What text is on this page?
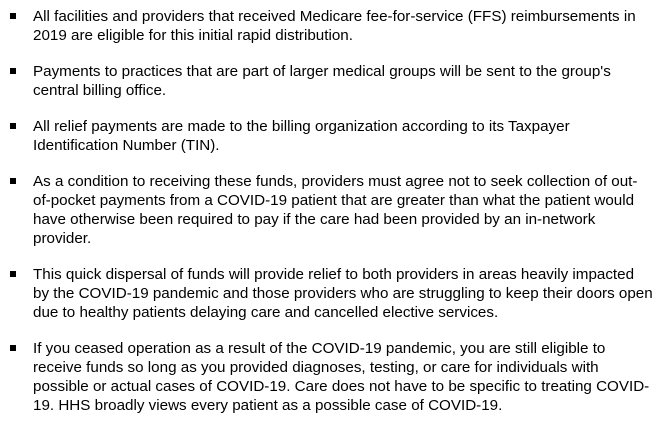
All facilities and providers that received Medicare fee-for-service (FFS) reimbursements in 2019 are eligible for this initial rapid distribution.
Payments to practices that are part of larger medical groups will be sent to the group's central billing office.
All relief payments are made to the billing organization according to its Taxpayer Identification Number (TIN).
As a condition to receiving these funds, providers must agree not to seek collection of out-of-pocket payments from a COVID-19 patient that are greater than what the patient would have otherwise been required to pay if the care had been provided by an in-network provider.
This quick dispersal of funds will provide relief to both providers in areas heavily impacted by the COVID-19 pandemic and those providers who are struggling to keep their doors open due to healthy patients delaying care and cancelled elective services.
If you ceased operation as a result of the COVID-19 pandemic, you are still eligible to receive funds so long as you provided diagnoses, testing, or care for individuals with possible or actual cases of COVID-19. Care does not have to be specific to treating COVID-19. HHS broadly views every patient as a possible case of COVID-19.
